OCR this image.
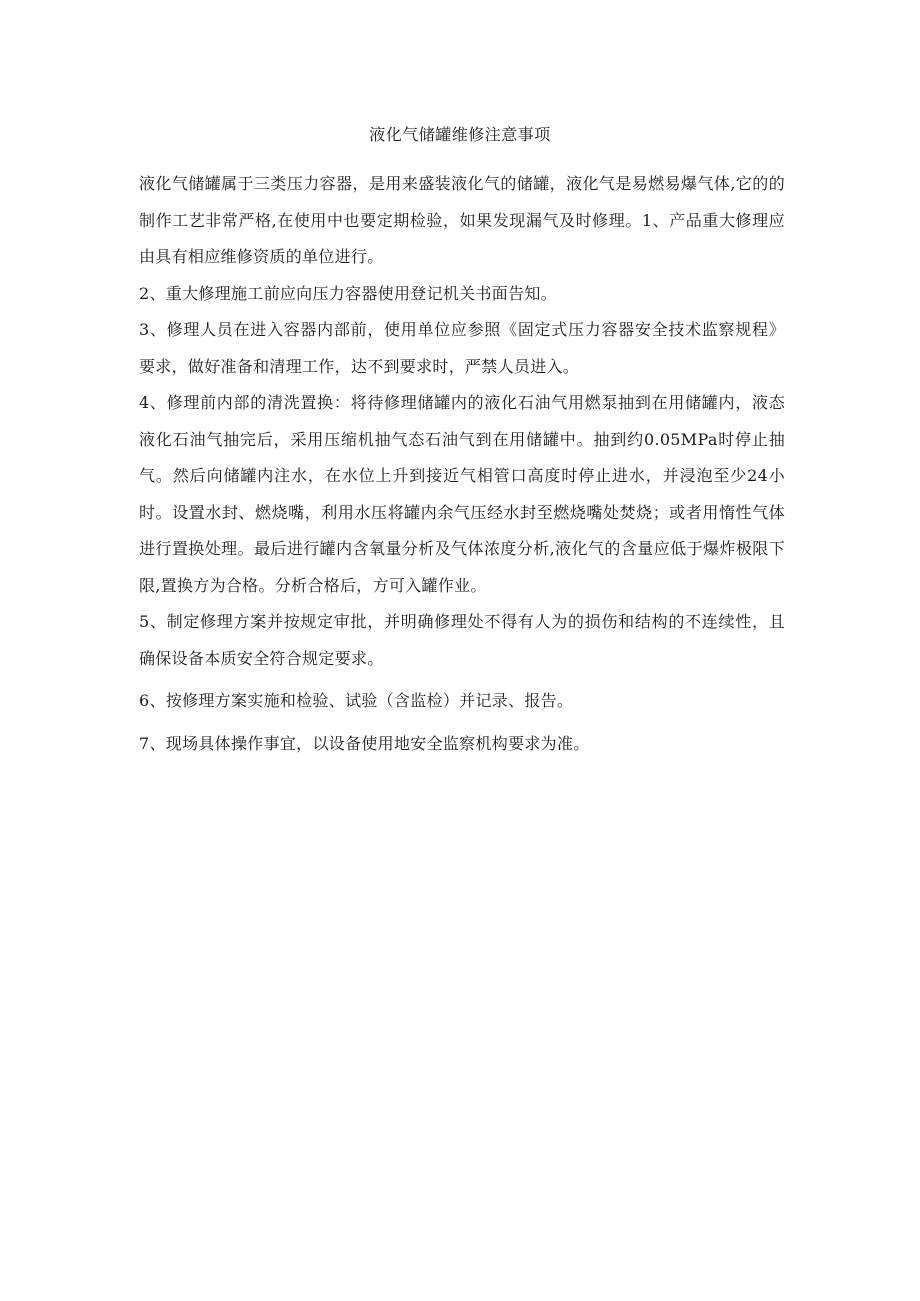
液化气储罐维修注意事项

液化气储罐属于三类压力容器，是用来盛装液化气的储罐，液化气是易燃易爆气体,它的的制作工艺非常严格,在使用中也要定期检验，如果发现漏气及时修理。1、产品重大修理应由具有相应维修资质的单位进行。

2、重大修理施工前应向压力容器使用登记机关书面告知。

3、修理人员在进入容器内部前，使用单位应参照《固定式压力容器安全技术监察规程》要求，做好准备和清理工作，达不到要求时，严禁人员进入。

4、修理前内部的清洗置换：将待修理储罐内的液化石油气用燃泵抽到在用储罐内，液态液化石油气抽完后，采用压缩机抽气态石油气到在用储罐中。抽到约0.05MPa时停止抽气。然后向储罐内注水，在水位上升到接近气相管口高度时停止进水，并浸泡至少24小时。设置水封、燃烧嘴，利用水压将罐内余气压经水封至燃烧嘴处焚烧；或者用惰性气体进行置换处理。最后进行罐内含氧量分析及气体浓度分析,液化气的含量应低于爆炸极限下限,置换方为合格。分析合格后，方可入罐作业。

5、制定修理方案并按规定审批，并明确修理处不得有人为的损伤和结构的不连续性，且确保设备本质安全符合规定要求。

6、按修理方案实施和检验、试验（含监检）并记录、报告。

7、现场具体操作事宜，以设备使用地安全监察机构要求为准。
